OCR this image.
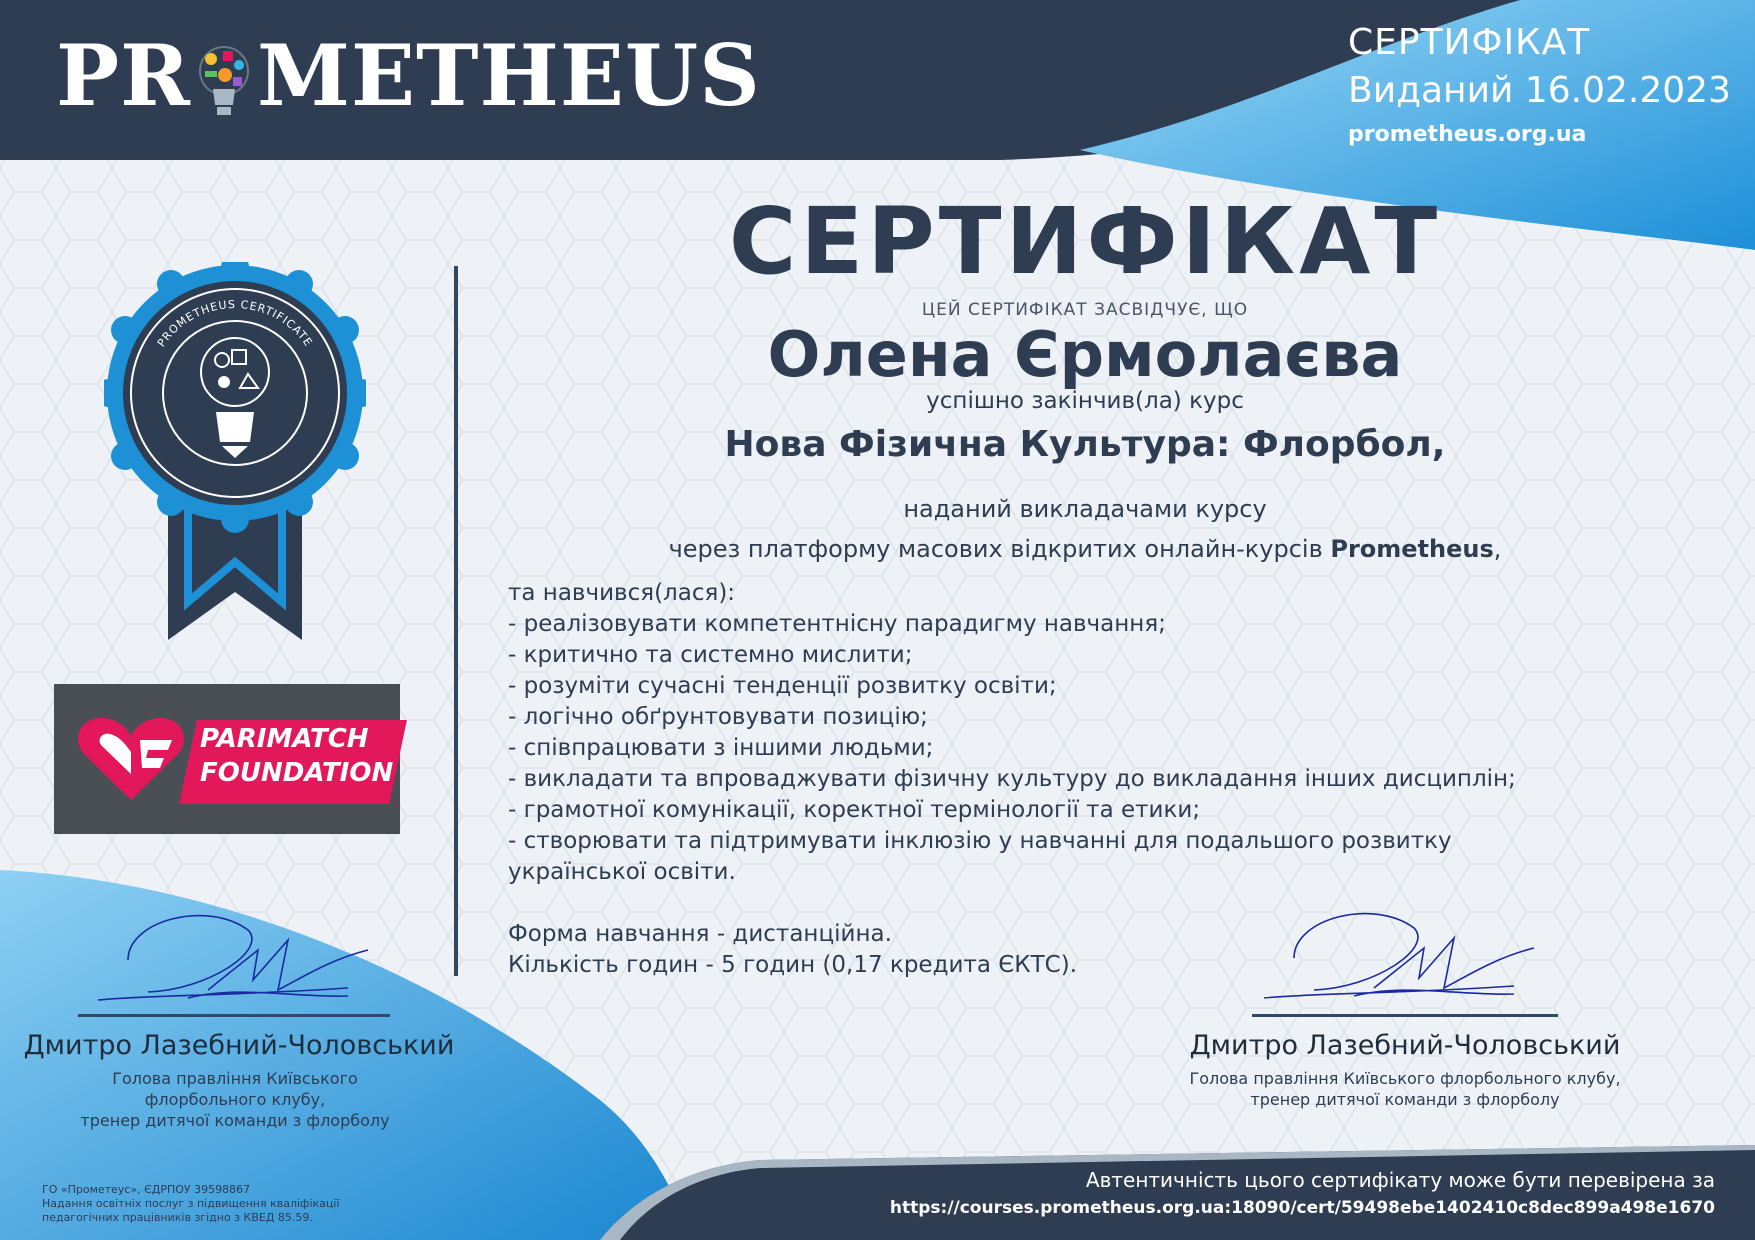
PR METHEUS	СЕРТИФІКАТ
Виданий 16.02.2023
prometheus.org.ua
PROMETHEUS CERTIFICATE
PARIMATCH
FOUNDATION
СЕРТИФІКАТ
ЦЕЙ СЕРТИФІКАТ ЗАСВІДЧУЄ, ЩО
Олена Єрмолаєва
успішно закінчив(ла) курс
Нова Фізична Культура: Флорбол,
наданий викладачами курсу
через платформу масових відкритих онлайн-курсів Prometheus,
та навчився(лася):
- реалізовувати компетентнісну парадигму навчання;
- критично та системно мислити;
- розуміти сучасні тенденції розвитку освіти;
- логічно обґрунтовувати позицію;
- співпрацювати з іншими людьми;
- викладати та впроваджувати фізичну культуру до викладання інших дисциплін;
- грамотної комунікації, коректної термінології та етики;
- створювати та підтримувати інклюзію у навчанні для подальшого розвитку
української освіти.
Форма навчання - дистанційна.
Кількість годин - 5 годин (0,17 кредита ЄКТС).
Дмитро Лазебний-Чоловський
Голова правління Київського
флорбольного клубу,
тренер дитячої команди з флорболу
Дмитро Лазебний-Чоловський
Голова правління Київського флорбольного клубу,
тренер дитячої команди з флорболу
ГО «Прометеус», ЄДРПОУ 39598867
Надання освітніх послуг з підвищення кваліфікації
педагогічних працівників згідно з КВЕД 85.59.
Автентичність цього сертифікату може бути перевірена за
https://courses.prometheus.org.ua:18090/cert/59498ebe1402410c8dec899a498e1670
